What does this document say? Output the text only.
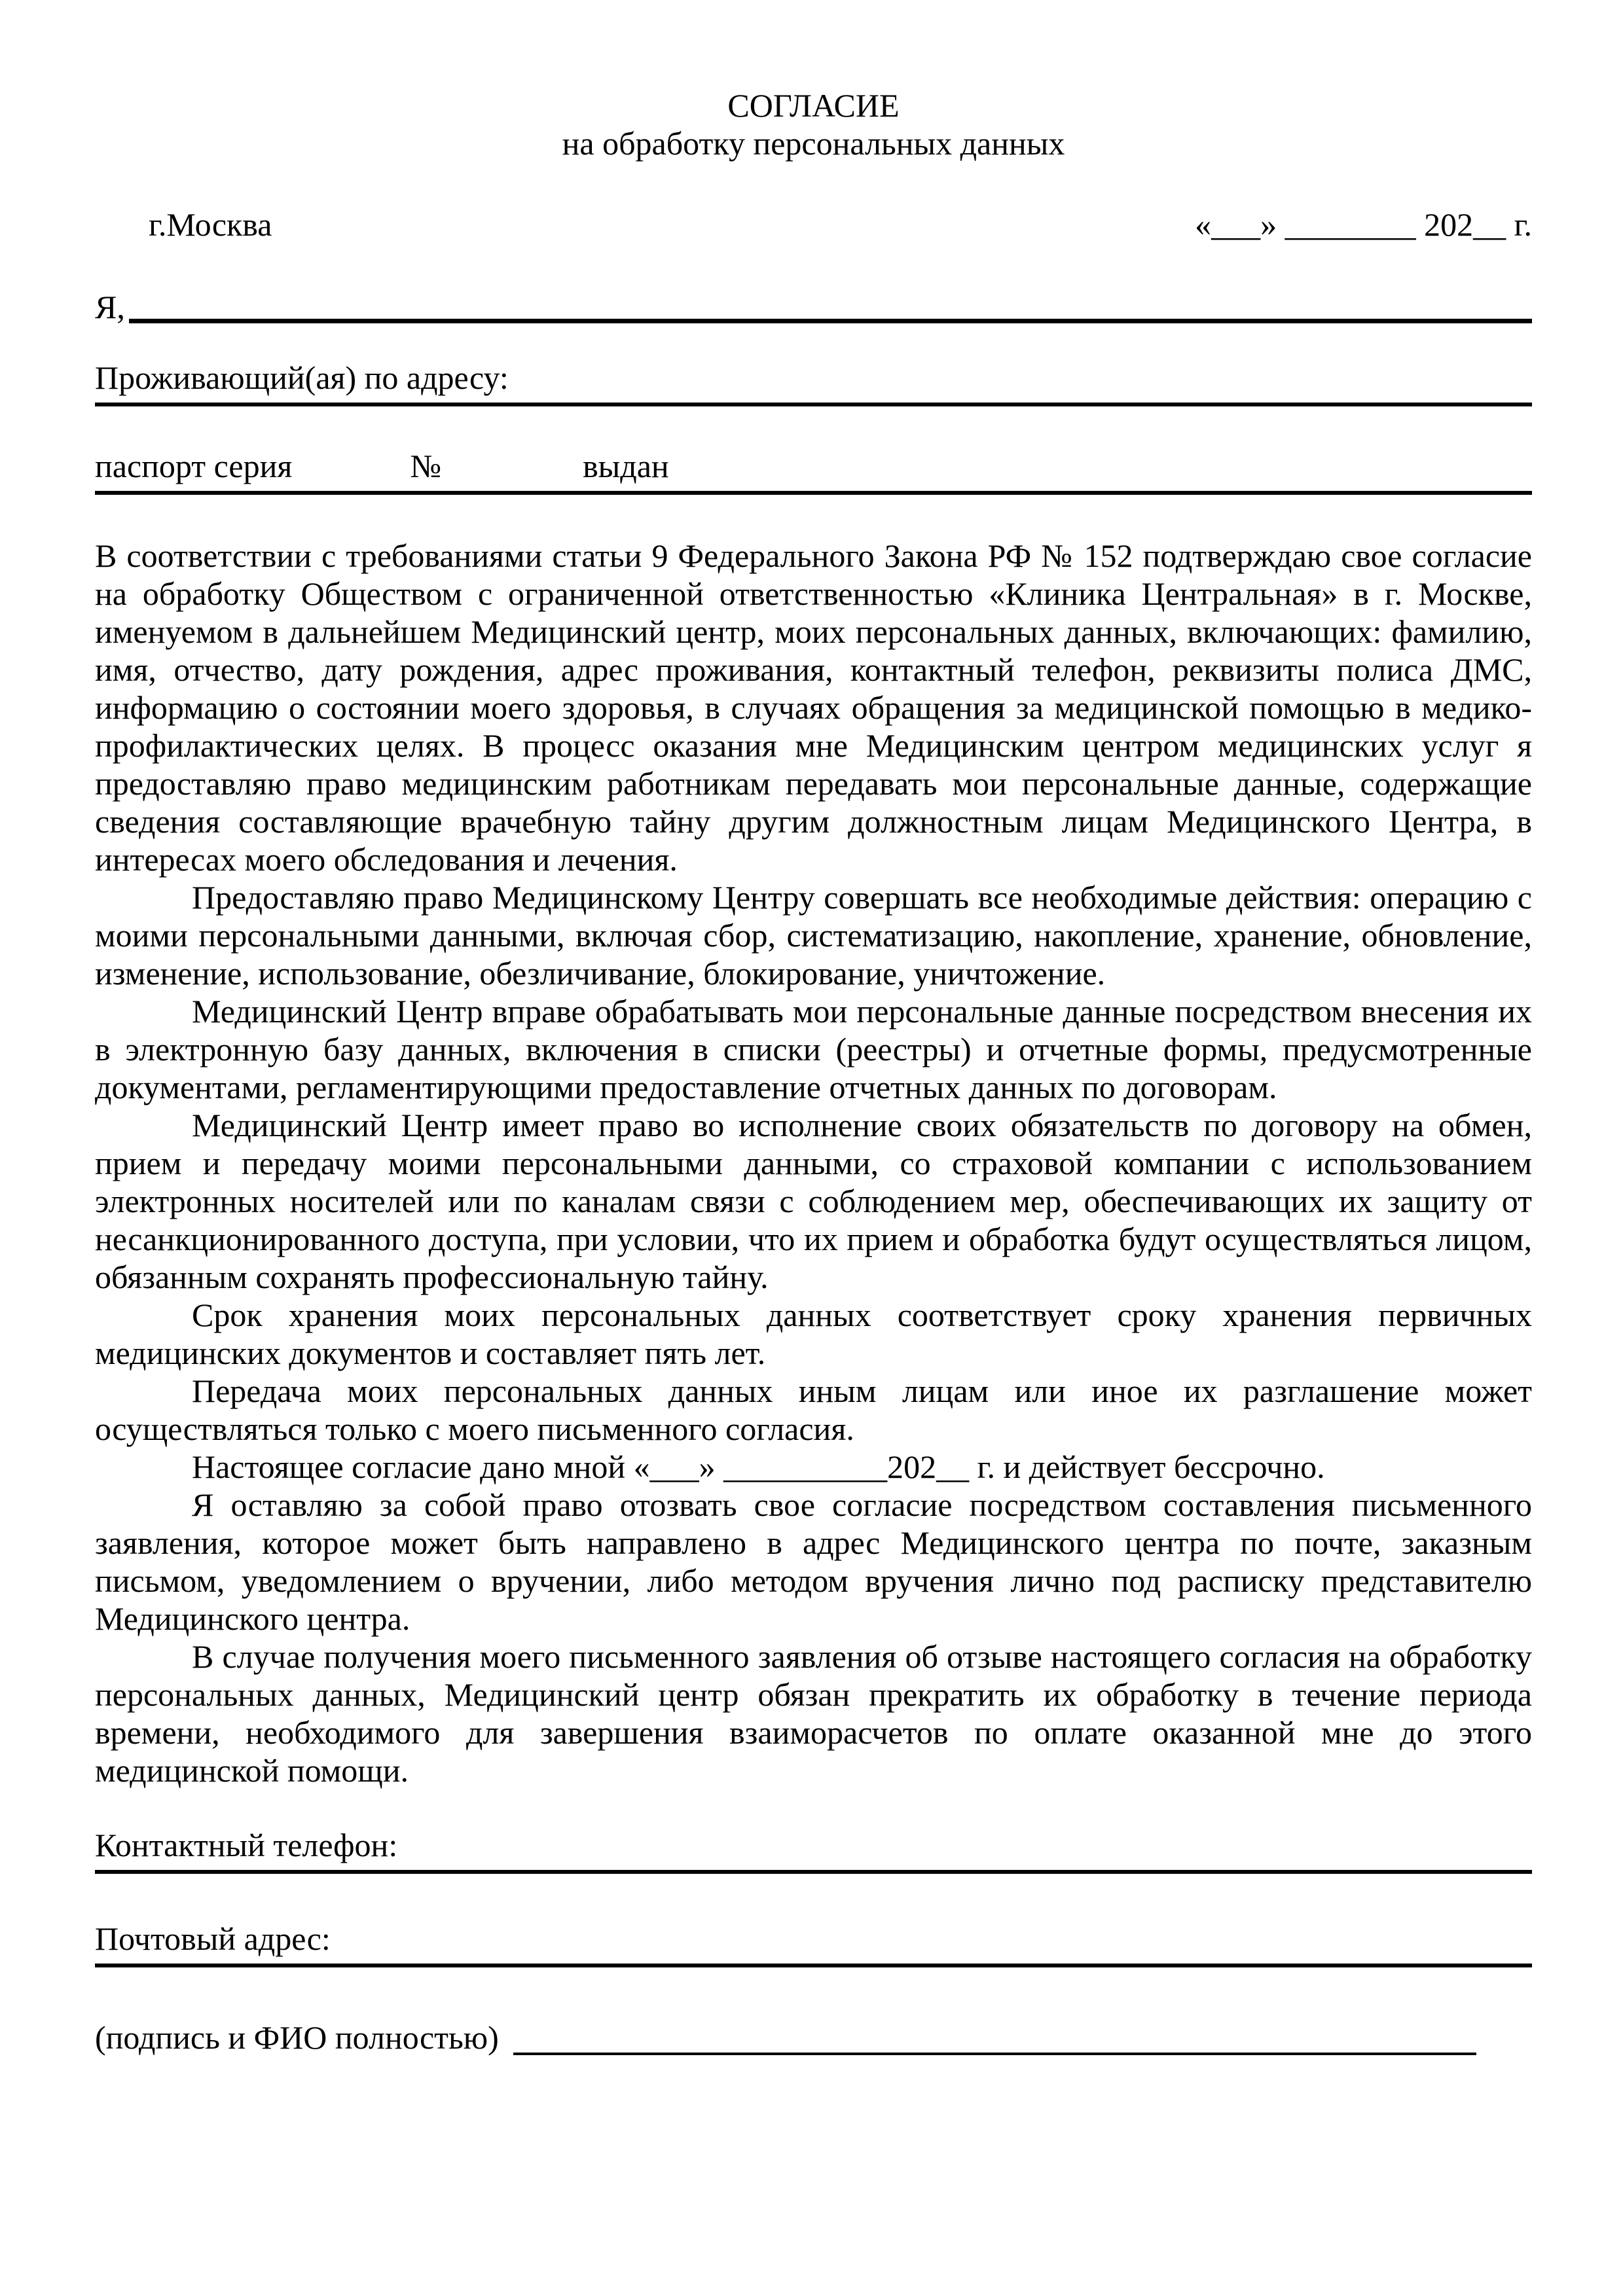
СОГЛАСИЕ
на обработку персональных данных
г.Москва	«___» ________ 202__ г.
Я,
Проживающий(ая) по адресу:
паспорт серия	№	выдан

В соответствии с требованиями статьи 9 Федерального Закона РФ № 152 подтверждаю свое согласие на обработку Обществом с ограниченной ответственностью «Клиника Центральная» в г. Москве, именуемом в дальнейшем Медицинский центр, моих персональных данных, включающих: фамилию, имя, отчество, дату рождения, адрес проживания, контактный телефон, реквизиты полиса ДМС, информацию о состоянии моего здоровья, в случаях обращения за медицинской помощью в медико-профилактических целях. В процесс оказания мне Медицинским центром медицинских услуг я предоставляю право медицинским работникам передавать мои персональные данные, содержащие сведения составляющие врачебную тайну другим должностным лицам Медицинского Центра, в интересах моего обследования и лечения.

Предоставляю право Медицинскому Центру совершать все необходимые действия: операцию с моими персональными данными, включая сбор, систематизацию, накопление, хранение, обновление, изменение, использование, обезличивание, блокирование, уничтожение.

Медицинский Центр вправе обрабатывать мои персональные данные посредством внесения их в электронную базу данных, включения в списки (реестры) и отчетные формы, предусмотренные документами, регламентирующими предоставление отчетных данных по договорам.

Медицинский Центр имеет право во исполнение своих обязательств по договору на обмен, прием и передачу моими персональными данными, со страховой компании с использованием электронных носителей или по каналам связи с соблюдением мер, обеспечивающих их защиту от несанкционированного доступа, при условии, что их прием и обработка будут осуществляться лицом, обязанным сохранять профессиональную тайну.

Срок хранения моих персональных данных соответствует сроку хранения первичных медицинских документов и составляет пять лет.

Передача моих персональных данных иным лицам или иное их разглашение может осуществляться только с моего письменного согласия.

Настоящее согласие дано мной «___» __________202__ г. и действует бессрочно.

Я оставляю за собой право отозвать свое согласие посредством составления письменного заявления, которое может быть направлено в адрес Медицинского центра по почте, заказным письмом, уведомлением о вручении, либо методом вручения лично под расписку представителю Медицинского центра.

В случае получения моего письменного заявления об отзыве настоящего согласия на обработку персональных данных, Медицинский центр обязан прекратить их обработку в течение периода времени, необходимого для завершения взаиморасчетов по оплате оказанной мне до этого медицинской помощи.

Контактный телефон:
Почтовый адрес:
(подпись и ФИО полностью)
